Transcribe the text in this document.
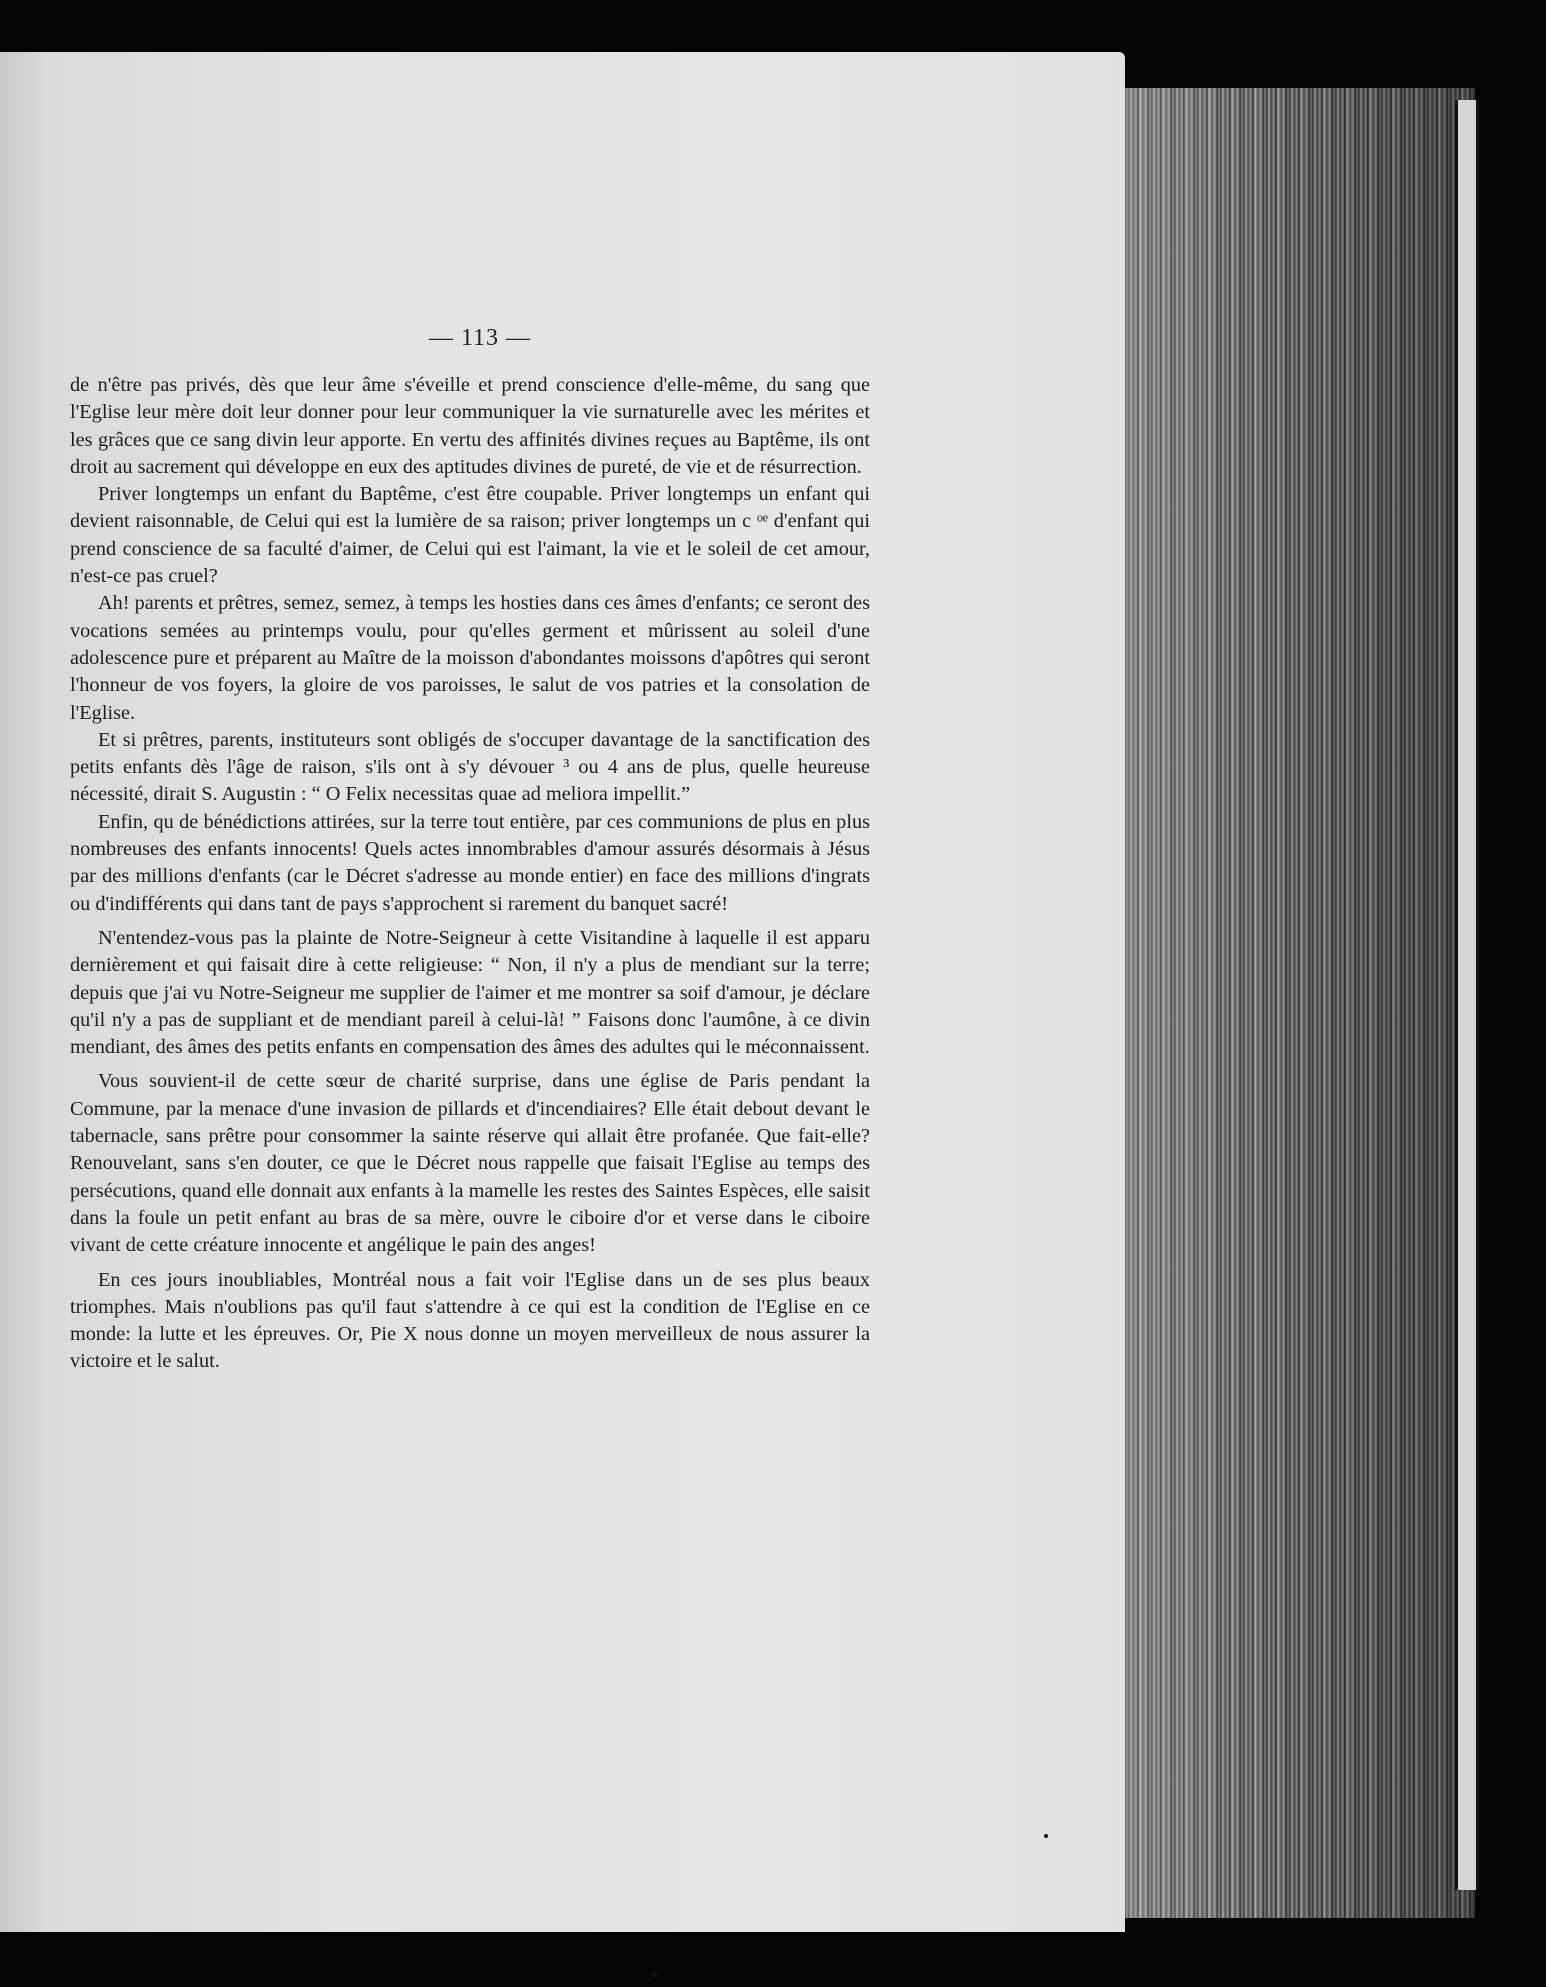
— 113 —

de n'être pas privés, dès que leur âme s'éveille et prend conscience d'elle-même, du sang que l'Eglise leur mère doit leur donner pour leur communiquer la vie surnaturelle avec les mérites et les grâces que ce sang divin leur apporte. En vertu des affinités divines reçues au Baptême, ils ont droit au sacrement qui développe en eux des aptitudes divines de pureté, de vie et de résurrection.

Priver longtemps un enfant du Baptême, c'est être coupable. Priver longtemps un enfant qui devient raisonnable, de Celui qui est la lumière de sa raison; priver longtemps un c ᵒᵉ d'enfant qui prend conscience de sa faculté d'aimer, de Celui qui est l'aimant, la vie et le soleil de cet amour, n'est-ce pas cruel?

Ah! parents et prêtres, semez, semez, à temps les hosties dans ces âmes d'enfants; ce seront des vocations semées au printemps voulu, pour qu'elles germent et mûrissent au soleil d'une adolescence pure et préparent au Maître de la moisson d'abondantes moissons d'apôtres qui seront l'honneur de vos foyers, la gloire de vos paroisses, le salut de vos patries et la consolation de l'Eglise.

Et si prêtres, parents, instituteurs sont obligés de s'occuper davantage de la sanctification des petits enfants dès l'âge de raison, s'ils ont à s'y dévouer ³ ou 4 ans de plus, quelle heureuse nécessité, dirait S. Augustin : “ O Felix necessitas quae ad meliora impellit.”

Enfin, qu de bénédictions attirées, sur la terre tout entière, par ces communions de plus en plus nombreuses des enfants innocents! Quels actes innombrables d'amour assurés désormais à Jésus par des millions d'enfants (car le Décret s'adresse au monde entier) en face des millions d'ingrats ou d'indifférents qui dans tant de pays s'approchent si rarement du banquet sacré!

N'entendez-vous pas la plainte de Notre-Seigneur à cette Visitandine à laquelle il est apparu dernièrement et qui faisait dire à cette religieuse: “ Non, il n'y a plus de mendiant sur la terre; depuis que j'ai vu Notre-Seigneur me supplier de l'aimer et me montrer sa soif d'amour, je déclare qu'il n'y a pas de suppliant et de mendiant pareil à celui-là! ” Faisons donc l'aumône, à ce divin mendiant, des âmes des petits enfants en compensation des âmes des adultes qui le méconnaissent.

Vous souvient-il de cette sœur de charité surprise, dans une église de Paris pendant la Commune, par la menace d'une invasion de pillards et d'incendiaires? Elle était debout devant le tabernacle, sans prêtre pour consommer la sainte réserve qui allait être profanée. Que fait-elle? Renouvelant, sans s'en douter, ce que le Décret nous rappelle que faisait l'Eglise au temps des persécutions, quand elle donnait aux enfants à la mamelle les restes des Saintes Espèces, elle saisit dans la foule un petit enfant au bras de sa mère, ouvre le ciboire d'or et verse dans le ciboire vivant de cette créature innocente et angélique le pain des anges!

En ces jours inoubliables, Montréal nous a fait voir l'Eglise dans un de ses plus beaux triomphes. Mais n'oublions pas qu'il faut s'attendre à ce qui est la condition de l'Eglise en ce monde: la lutte et les épreuves. Or, Pie X nous donne un moyen merveilleux de nous assurer la victoire et le salut.
